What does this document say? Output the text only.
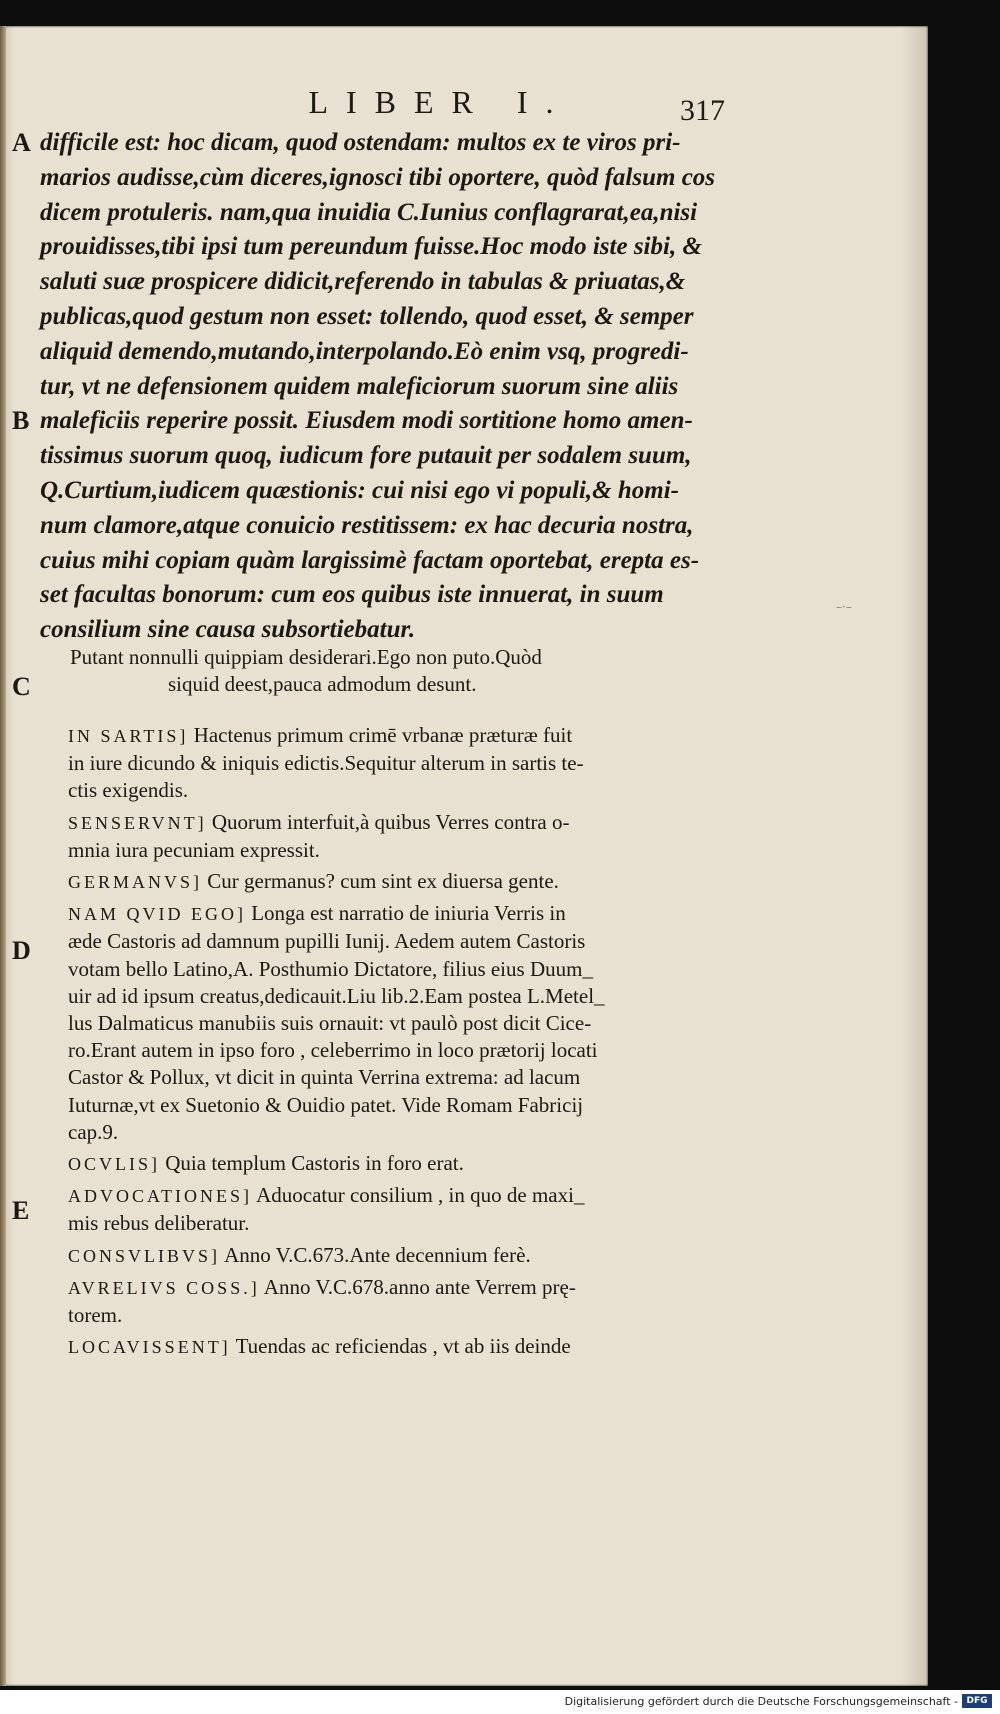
LIBER I.	317
A
B
C
D
E
difficile est: hoc dicam, quod ostendam: multos ex te viros pri-
marios audisse,cùm diceres,ignosci tibi oportere, quòd falsum cos
dicem protuleris. nam,qua inuidia C.Iunius conflagrarat,ea,nisi
prouidisses,tibi ipsi tum pereundum fuisse.Hoc modo iste sibi, &
saluti suæ prospicere didicit,referendo in tabulas & priuatas,&
publicas,quod gestum non esset: tollendo, quod esset, & semper
aliquid demendo,mutando,interpolando.Eò enim vsq, progredi-
tur, vt ne defensionem quidem maleficiorum suorum sine aliis
maleficiis reperire possit. Eiusdem modi sortitione homo amen-
tissimus suorum quoq, iudicum fore putauit per sodalem suum,
Q.Curtium,iudicem quæstionis: cui nisi ego vi populi,& homi-
num clamore,atque conuicio restitissem: ex hac decuria nostra,
cuius mihi copiam quàm largissimè factam oportebat, erepta es-
set facultas bonorum: cum eos quibus iste innuerat, in suum
consilium sine causa subsortiebatur.
Putant nonnulli quippiam desiderari.Ego non puto.Quòd
siquid deest,pauca admodum desunt.
IN SARTIS] Hactenus primum crimē vrbanæ præturæ fuit
in iure dicundo & iniquis edictis.Sequitur alterum in sartis te-
ctis exigendis.
SENSERVNT] Quorum interfuit,à quibus Verres contra o-
mnia iura pecuniam expressit.
GERMANVS] Cur germanus? cum sint ex diuersa gente.
NAM QVID EGO] Longa est narratio de iniuria Verris in
æde Castoris ad damnum pupilli Iunij. Aedem autem Castoris
votam bello Latino,A. Posthumio Dictatore, filius eius Duum_
uir ad id ipsum creatus,dedicauit.Liu lib.2.Eam postea L.Metel_
lus Dalmaticus manubiis suis ornauit: vt paulò post dicit Cice-
ro.Erant autem in ipso foro , celeberrimo in loco prætorij locati
Castor & Pollux, vt dicit in quinta Verrina extrema: ad lacum
Iuturnæ,vt ex Suetonio & Ouidio patet. Vide Romam Fabricij
cap.9.
OCVLIS] Quia templum Castoris in foro erat.
ADVOCATIONES] Aduocatur consilium , in quo de maxi_
mis rebus deliberatur.
CONSVLIBVS] Anno V.C.673.Ante decennium ferè.
AVRELIVS COSS.] Anno V.C.678.anno ante Verrem prę-
torem.
LOCAVISSENT] Tuendas ac reficiendas , vt ab iis deinde
Digitalisierung gefördert durch die Deutsche Forschungsgemeinschaft - DFG
